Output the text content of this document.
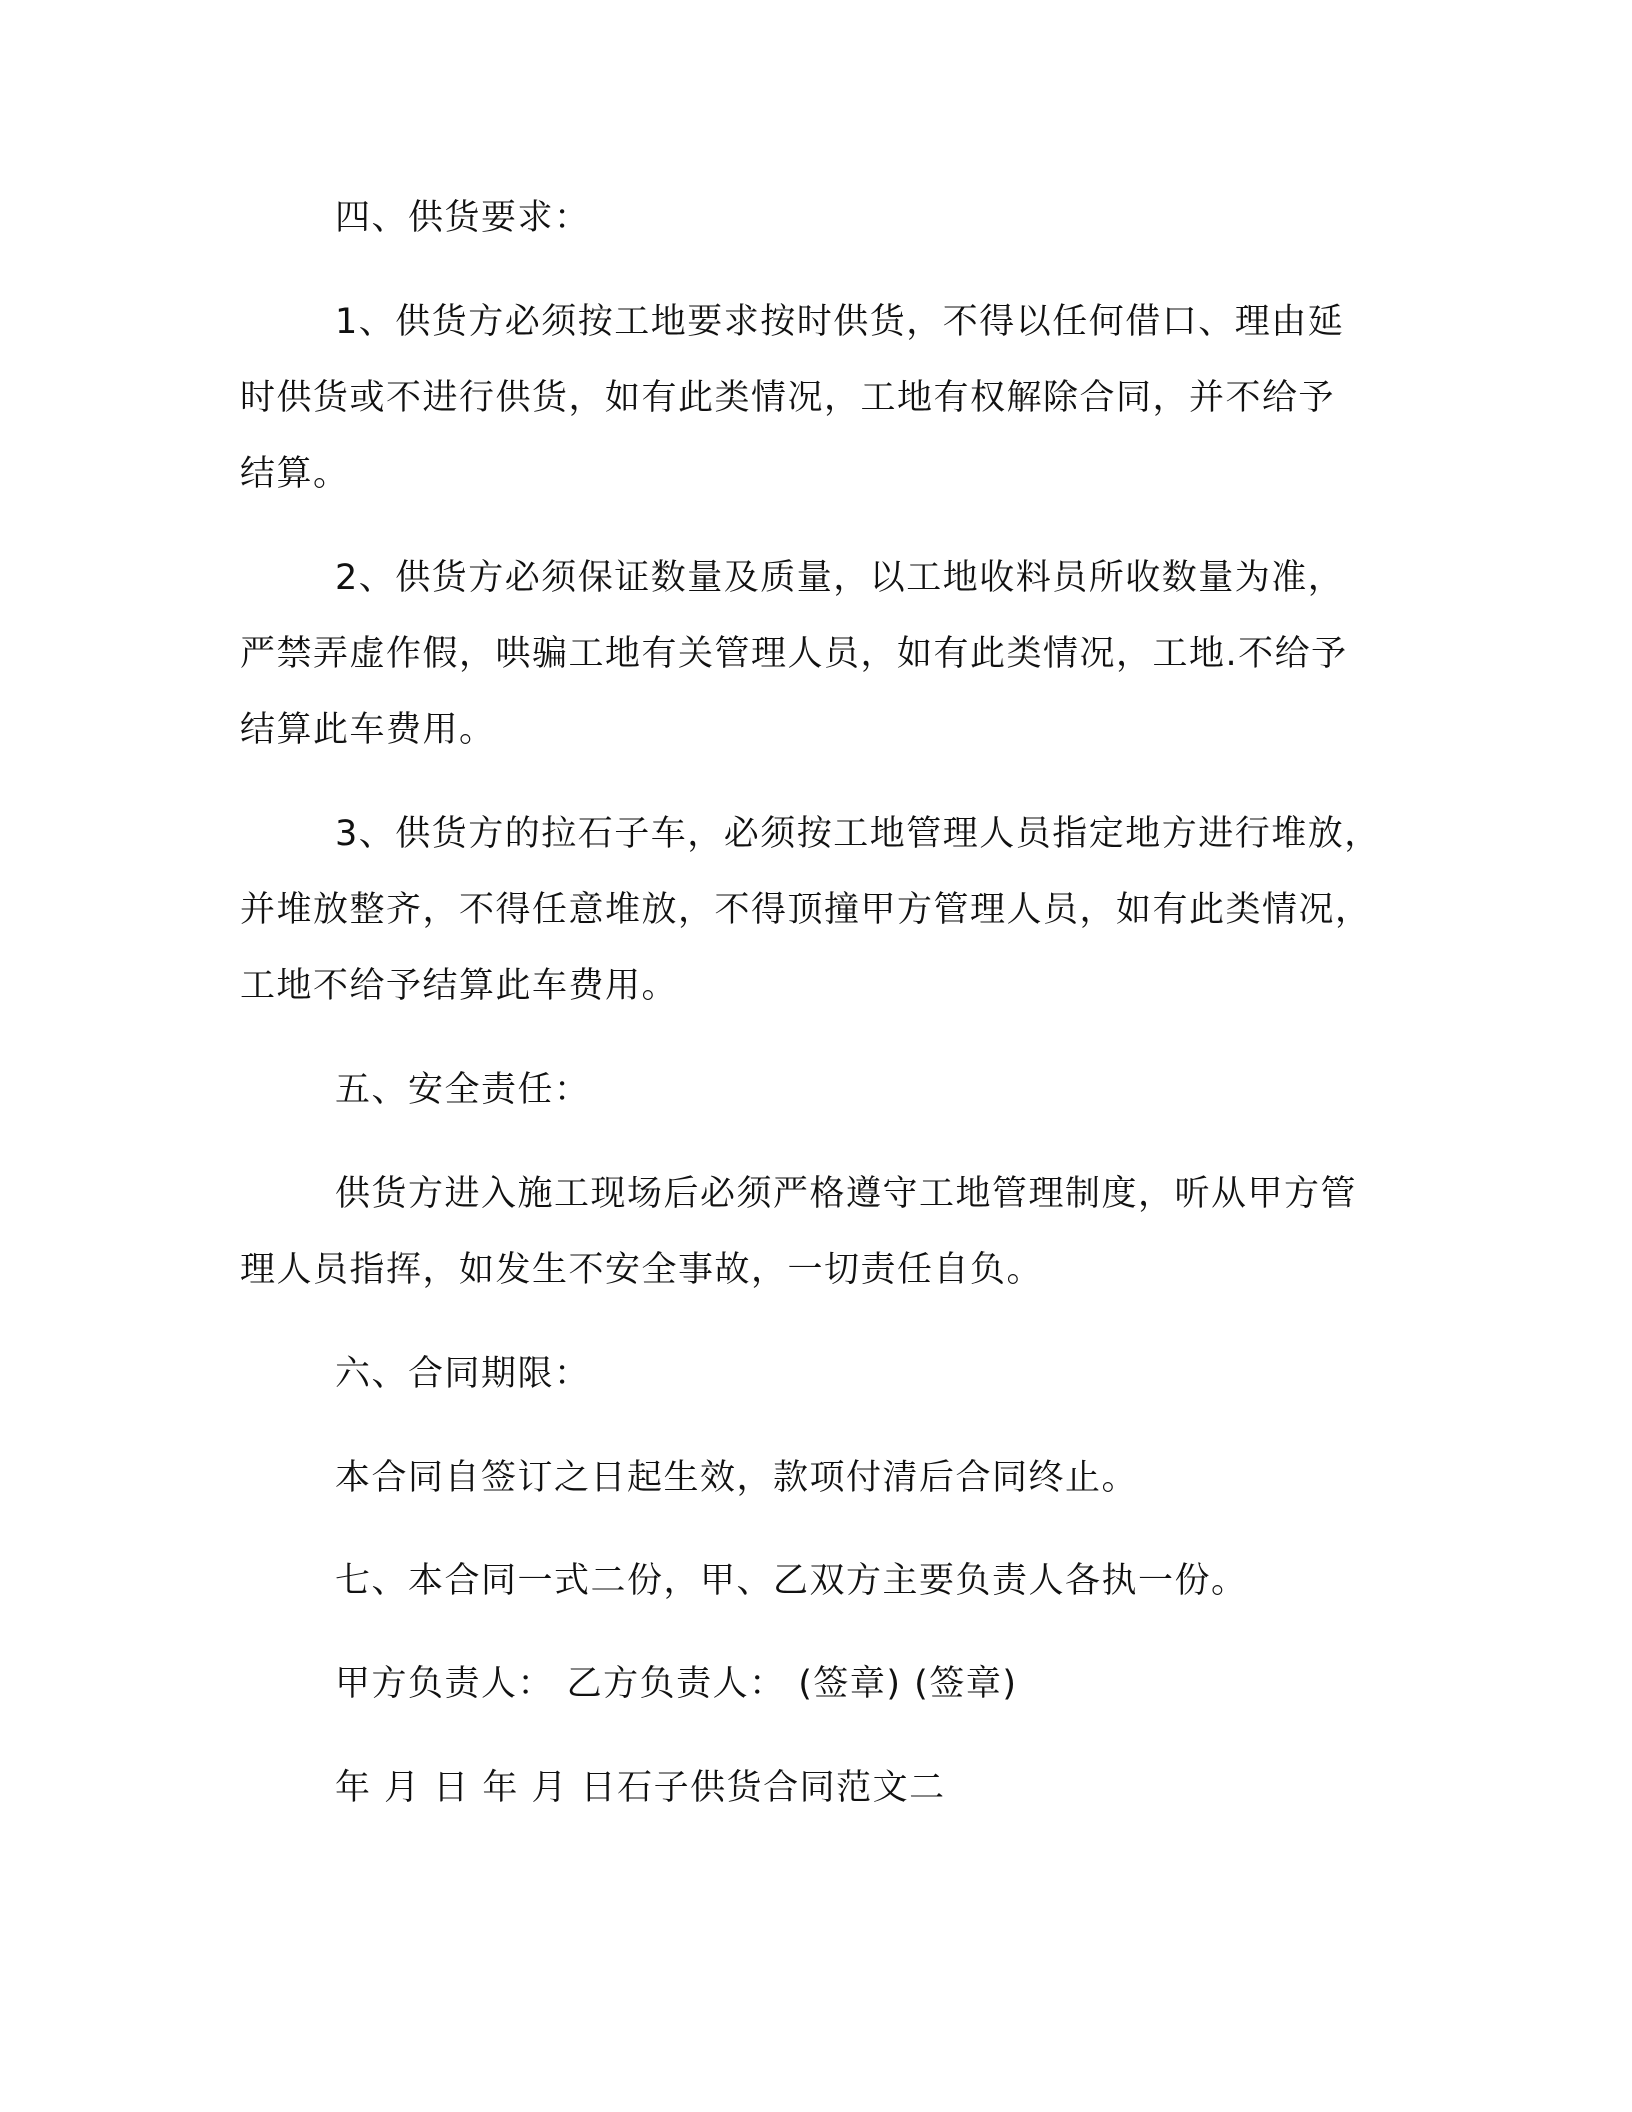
四、供货要求：

1、供货方必须按工地要求按时供货，不得以任何借口、理由延

时供货或不进行供货，如有此类情况，工地有权解除合同，并不给予

结算。

2、供货方必须保证数量及质量，以工地收料员所收数量为准，

严禁弄虚作假，哄骗工地有关管理人员，如有此类情况，工地.不给予

结算此车费用。

3、供货方的拉石子车，必须按工地管理人员指定地方进行堆放，

并堆放整齐，不得任意堆放，不得顶撞甲方管理人员，如有此类情况，

工地不给予结算此车费用。

五、安全责任：

供货方进入施工现场后必须严格遵守工地管理制度，听从甲方管

理人员指挥，如发生不安全事故，一切责任自负。

六、合同期限：

本合同自签订之日起生效，款项付清后合同终止。

七、本合同一式二份，甲、乙双方主要负责人各执一份。

甲方负责人： 乙方负责人： (签章) (签章)

年 月 日 年 月 日石子供货合同范文二
